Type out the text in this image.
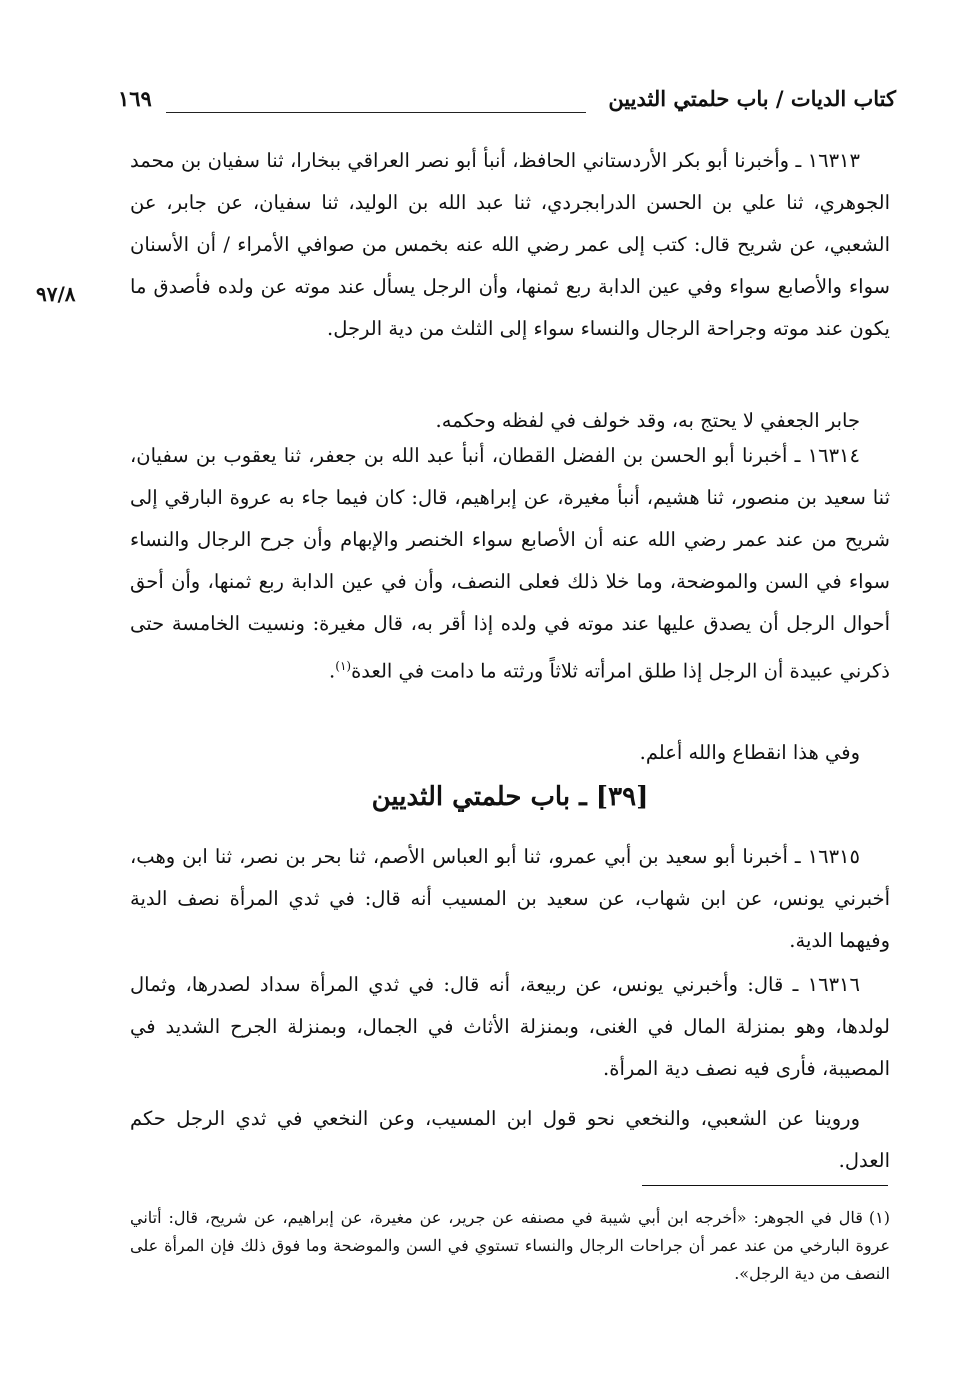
كتاب الديات / باب حلمتي الثديين
١٦٩
٩٧/٨

١٦٣١٣ ـ وأخبرنا أبو بكر الأردستاني الحافظ، أنبأ أبو نصر العراقي ببخارا، ثنا سفيان بن محمد الجوهري، ثنا علي بن الحسن الدرابجردي، ثنا عبد الله بن الوليد، ثنا سفيان، عن جابر، عن الشعبي، عن شريح قال: كتب إلى عمر رضي الله عنه بخمس من صوافي الأمراء / أن الأسنان سواء والأصابع سواء وفي عين الدابة ربع ثمنها، وأن الرجل يسأل عند موته عن ولده فأصدق ما يكون عند موته وجراحة الرجال والنساء سواء إلى الثلث من دية الرجل.

جابر الجعفي لا يحتج به، وقد خولف في لفظه وحكمه.

١٦٣١٤ ـ أخبرنا أبو الحسن بن الفضل القطان، أنبأ عبد الله بن جعفر، ثنا يعقوب بن سفيان، ثنا سعيد بن منصور، ثنا هشيم، أنبأ مغيرة، عن إبراهيم، قال: كان فيما جاء به عروة البارقي إلى شريح من عند عمر رضي الله عنه أن الأصابع سواء الخنصر والإبهام وأن جرح الرجال والنساء سواء في السن والموضحة، وما خلا ذلك فعلى النصف، وأن في عين الدابة ربع ثمنها، وأن أحق أحوال الرجل أن يصدق عليها عند موته في ولده إذا أقر به، قال مغيرة: ونسيت الخامسة حتى ذكرني عبيدة أن الرجل إذا طلق امرأته ثلاثاً ورثته ما دامت في العدة$^{(١)}$.

وفي هذا انقطاع والله أعلم.

[٣٩] ـ باب حلمتي الثديين

١٦٣١٥ ـ أخبرنا أبو سعيد بن أبي عمرو، ثنا أبو العباس الأصم، ثنا بحر بن نصر، ثنا ابن وهب، أخبرني يونس، عن ابن شهاب، عن سعيد بن المسيب أنه قال: في ثدي المرأة نصف الدية وفيهما الدية.

١٦٣١٦ ـ قال: وأخبرني يونس، عن ربيعة، أنه قال: في ثدي المرأة سداد لصدرها، وثمال لولدها، وهو بمنزلة المال في الغنى، وبمنزلة الأثاث في الجمال، وبمنزلة الجرح الشديد في المصيبة، فأرى فيه نصف دية المرأة.

وروينا عن الشعبي، والنخعي نحو قول ابن المسيب، وعن النخعي في ثدي الرجل حكم العدل.

(١)قال في الجوهر: «أخرجه ابن أبي شيبة في مصنفه عن جرير، عن مغيرة، عن إبراهيم، عن شريح، قال: أتاني عروة البارخي من عند عمر أن جراحات الرجال والنساء تستوي في السن والموضحة وما فوق ذلك فإن المرأة على النصف من دية الرجل».
